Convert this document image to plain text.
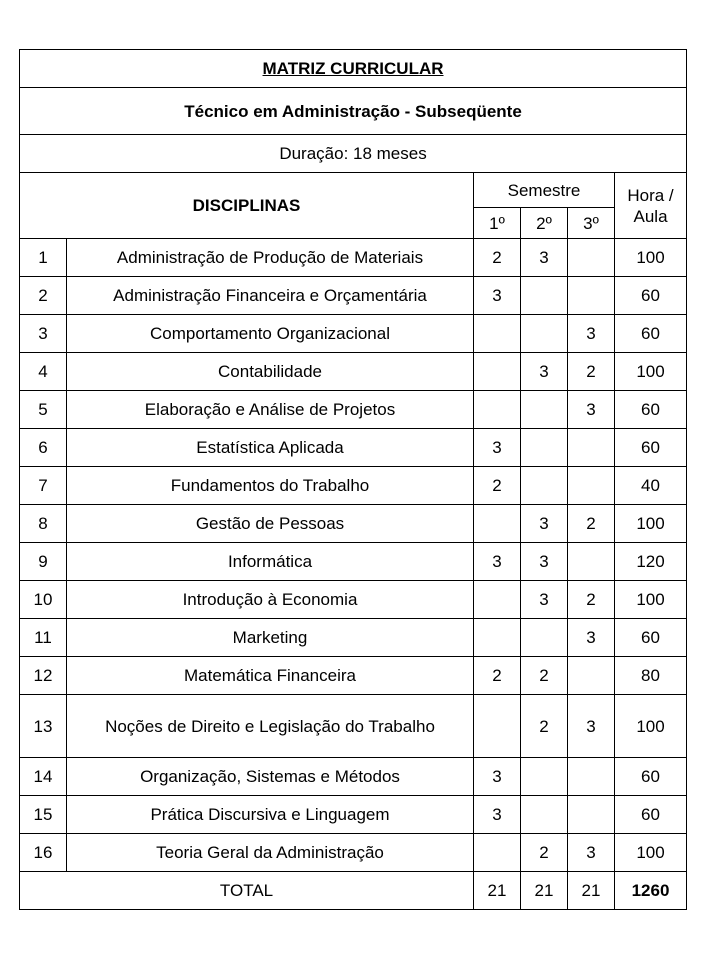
MATRIZ CURRICULAR					
Técnico em Administração - Subseqüente					
Duração: 18 meses					
DISCIPLINAS		Semestre			Hora / Aula
		1º	2º	3º	
1	Administração de Produção de Materiais	2	3		100
2	Administração Financeira e Orçamentária	3			60
3	Comportamento Organizacional			3	60
4	Contabilidade		3	2	100
5	Elaboração e Análise de Projetos			3	60
6	Estatística Aplicada	3			60
7	Fundamentos do Trabalho	2			40
8	Gestão de Pessoas		3	2	100
9	Informática	3	3		120
10	Introdução à Economia		3	2	100
11	Marketing			3	60
12	Matemática Financeira	2	2		80
13	Noções de Direito e Legislação do Trabalho		2	3	100
14	Organização, Sistemas e Métodos	3			60
15	Prática Discursiva e Linguagem	3			60
16	Teoria Geral da Administração		2	3	100
TOTAL		21	21	21	1260
